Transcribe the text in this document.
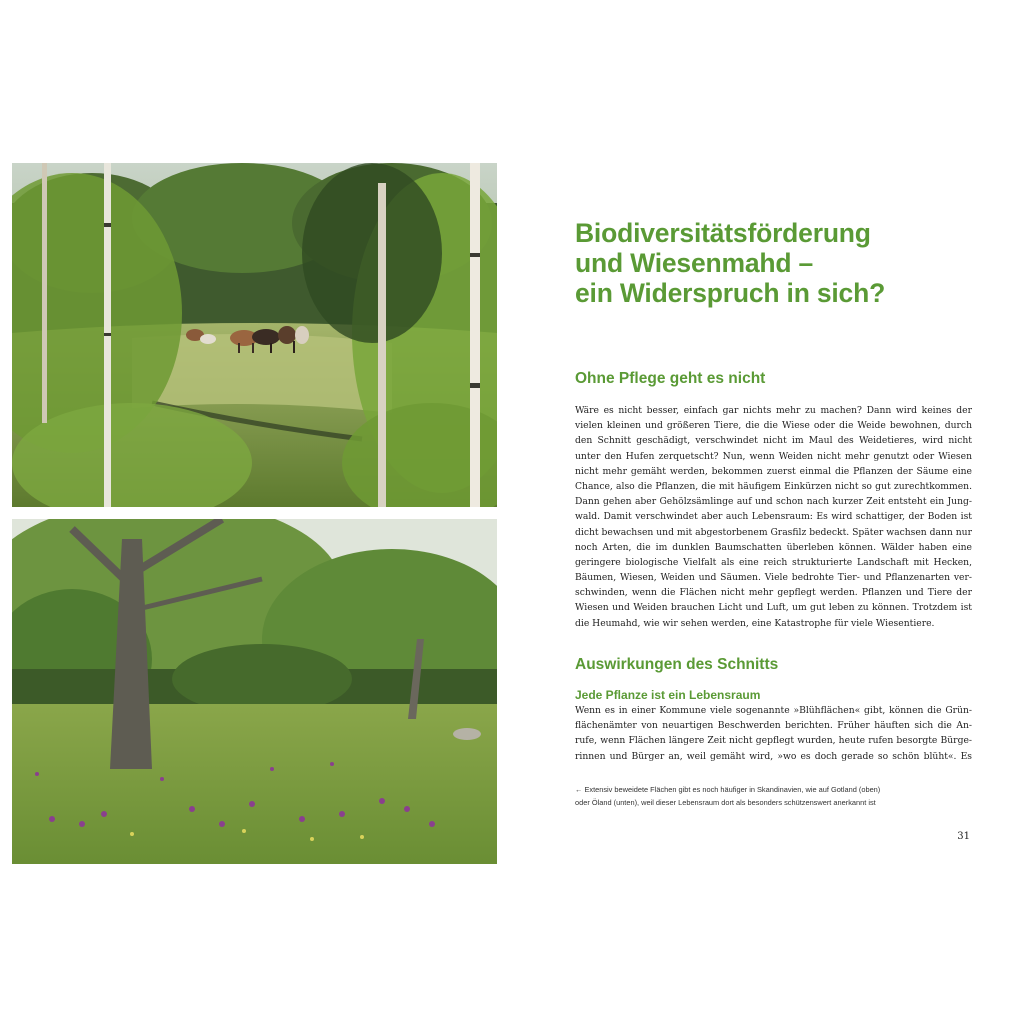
Biodiversitätsförderung
und Wiesenmahd –
ein Widerspruch in sich?
Ohne Pflege geht es nicht

Wäre es nicht besser, einfach gar nichts mehr zu machen? Dann wird keines der
vielen kleinen und größeren Tiere, die die Wiese oder die Weide bewohnen, durch
den Schnitt geschädigt, verschwindet nicht im Maul des Weidetieres, wird nicht
unter den Hufen zerquetscht? Nun, wenn Weiden nicht mehr genutzt oder Wiesen
nicht mehr gemäht werden, bekommen zuerst einmal die Pflanzen der Säume eine
Chance, also die Pflanzen, die mit häufigem Einkürzen nicht so gut zurechtkommen.
Dann gehen aber Gehölzsämlinge auf und schon nach kurzer Zeit entsteht ein Jung-
wald. Damit verschwindet aber auch Lebensraum: Es wird schattiger, der Boden ist
dicht bewachsen und mit abgestorbenem Grasfilz bedeckt. Später wachsen dann nur
noch Arten, die im dunklen Baumschatten überleben können. Wälder haben eine
geringere biologische Vielfalt als eine reich strukturierte Landschaft mit Hecken,
Bäumen, Wiesen, Weiden und Säumen. Viele bedrohte Tier- und Pflanzenarten ver-
schwinden, wenn die Flächen nicht mehr gepflegt werden. Pflanzen und Tiere der
Wiesen und Weiden brauchen Licht und Luft, um gut leben zu können. Trotzdem ist
die Heumahd, wie wir sehen werden, eine Katastrophe für viele Wiesentiere.

Auswirkungen des Schnitts
Jede Pflanze ist ein Lebensraum

Wenn es in einer Kommune viele sogenannte »Blühflächen« gibt, können die Grün-
flächenämter von neuartigen Beschwerden berichten. Früher häuften sich die An-
rufe, wenn Flächen längere Zeit nicht gepflegt wurden, heute rufen besorgte Bürge-
rinnen und Bürger an, weil gemäht wird, »wo es doch gerade so schön blüht«. Es

← Extensiv beweidete Flächen gibt es noch häufiger in Skandinavien, wie auf Gotland (oben)
oder Öland (unten), weil dieser Lebensraum dort als besonders schützenswert anerkannt ist

31
